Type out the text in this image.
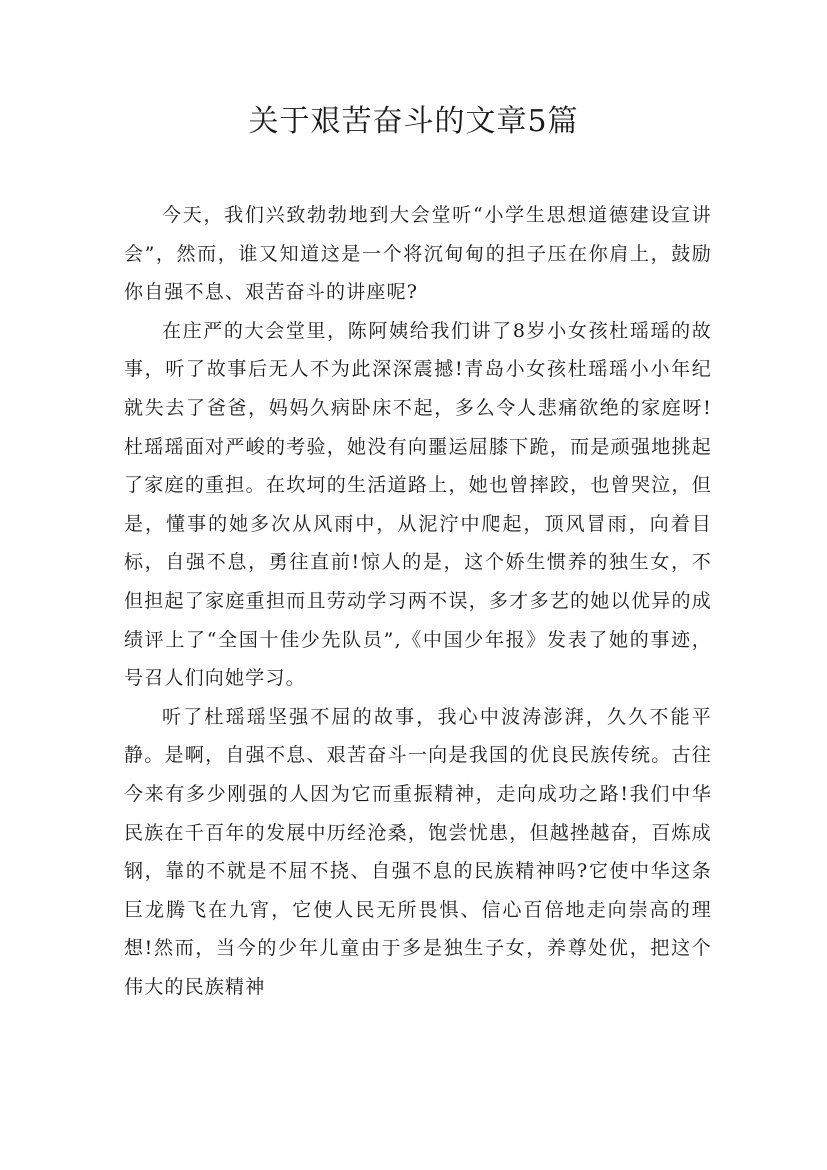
关于艰苦奋斗的文章5篇

今天，我们兴致勃勃地到大会堂听“小学生思想道德建设宣讲会”，然而，谁又知道这是一个将沉甸甸的担子压在你肩上，鼓励你自强不息、艰苦奋斗的讲座呢?

在庄严的大会堂里，陈阿姨给我们讲了8岁小女孩杜瑶瑶的故事，听了故事后无人不为此深深震撼!青岛小女孩杜瑶瑶小小年纪就失去了爸爸，妈妈久病卧床不起，多么令人悲痛欲绝的家庭呀!杜瑶瑶面对严峻的考验，她没有向噩运屈膝下跪，而是顽强地挑起了家庭的重担。在坎坷的生活道路上，她也曾摔跤，也曾哭泣，但是，懂事的她多次从风雨中，从泥泞中爬起，顶风冒雨，向着目标，自强不息，勇往直前!惊人的是，这个娇生惯养的独生女，不但担起了家庭重担而且劳动学习两不误，多才多艺的她以优异的成绩评上了“全国十佳少先队员”,《中国少年报》发表了她的事迹，号召人们向她学习。

听了杜瑶瑶坚强不屈的故事，我心中波涛澎湃，久久不能平静。是啊，自强不息、艰苦奋斗一向是我国的优良民族传统。古往今来有多少刚强的人因为它而重振精神，走向成功之路!我们中华民族在千百年的发展中历经沧桑，饱尝忧患，但越挫越奋，百炼成钢，靠的不就是不屈不挠、自强不息的民族精神吗?它使中华这条巨龙腾飞在九宵，它使人民无所畏惧、信心百倍地走向崇高的理想!然而，当今的少年儿童由于多是独生子女，养尊处优，把这个伟大的民族精神
